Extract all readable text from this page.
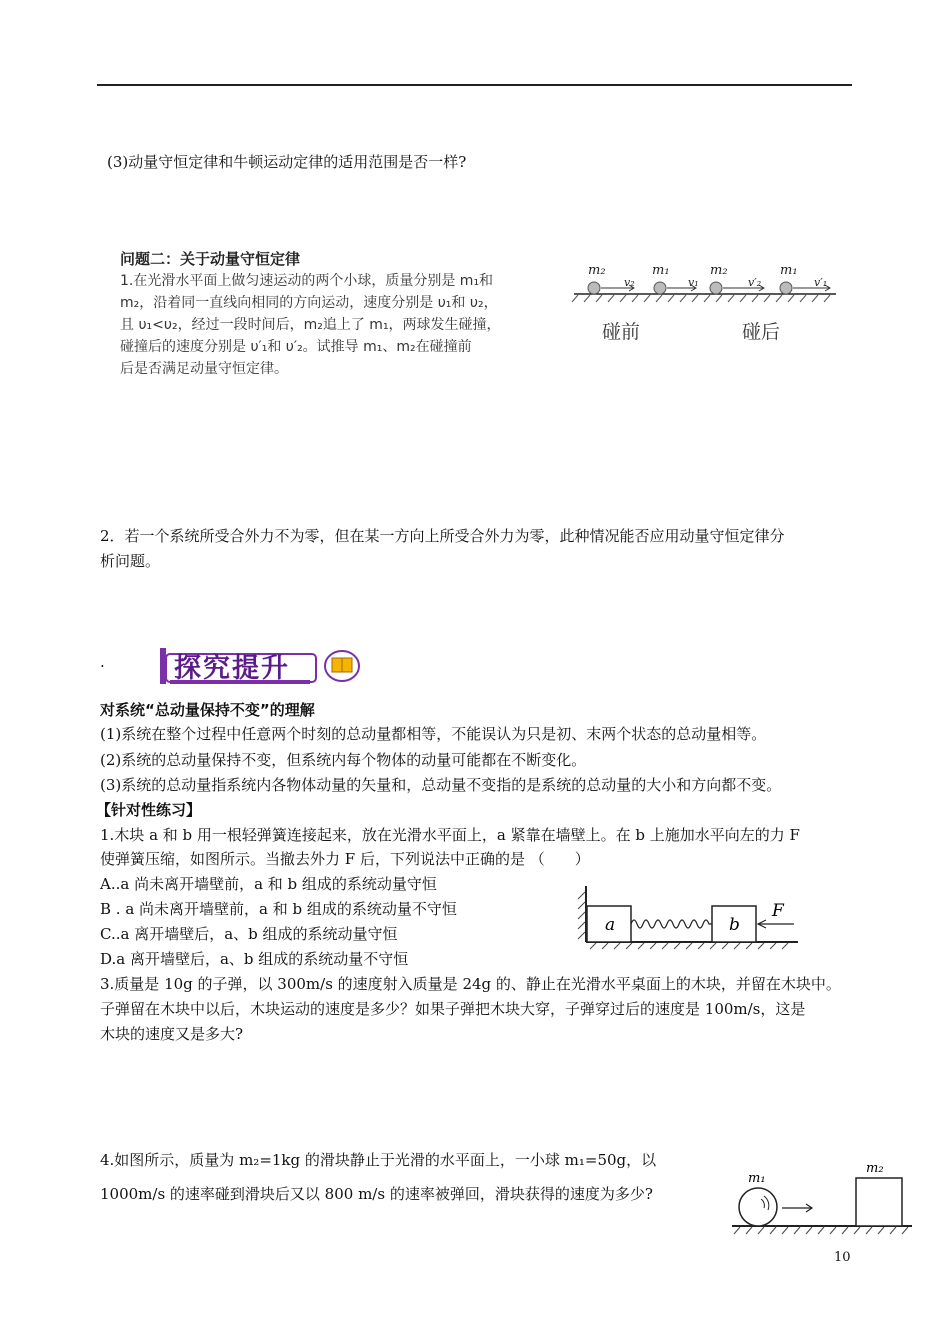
(3)动量守恒定律和牛顿运动定律的适用范围是否一样?
问题二：关于动量守恒定律
1.在光滑水平面上做匀速运动的两个小球，质量分别是 m₁和
m₂，沿着同一直线向相同的方向运动，速度分别是 υ₁和 υ₂，
且 υ₁<υ₂，经过一段时间后，m₂追上了 m₁，两球发生碰撞，
碰撞后的速度分别是 υ′₁和 υ′₂。试推导 m₁、m₂在碰撞前
后是否满足动量守恒定律。
m₂
v₂
m₁
v₁
m₂
v′₂
m₁
v′₁
碰前	碰后
2．若一个系统所受合外力不为零，但在某一方向上所受合外力为零，此种情况能否应用动量守恒定律分
析问题。
.	探究提升
对系统“总动量保持不变”的理解
(1)系统在整个过程中任意两个时刻的总动量都相等，不能误认为只是初、末两个状态的总动量相等。
(2)系统的总动量保持不变，但系统内每个物体的动量可能都在不断变化。
(3)系统的总动量指系统内各物体动量的矢量和，总动量不变指的是系统的总动量的大小和方向都不变。
【针对性练习】
1.木块 a 和 b 用一根轻弹簧连接起来，放在光滑水平面上，a 紧靠在墙壁上。在 b 上施加水平向左的力 F
使弹簧压缩，如图所示。当撤去外力 F 后，下列说法中正确的是 （　　）
A..a 尚未离开墙壁前，a 和 b 组成的系统动量守恒
B . a 尚未离开墙壁前，a 和 b 组成的系统动量不守恒
C..a 离开墙壁后，a、b 组成的系统动量守恒
D.a 离开墙壁后，a、b 组成的系统动量不守恒
a	b
F
3.质量是 10g 的子弹，以 300m/s 的速度射入质量是 24g 的、静止在光滑水平桌面上的木块，并留在木块中。
子弹留在木块中以后，木块运动的速度是多少？如果子弹把木块大穿，子弹穿过后的速度是 100m/s，这是
木块的速度又是多大?
4.如图所示，质量为 m₂=1kg 的滑块静止于光滑的水平面上，一小球 m₁=50g，以
1000m/s 的速率碰到滑块后又以 800 m/s 的速率被弹回，滑块获得的速度为多少?
m₁
m₂
10
